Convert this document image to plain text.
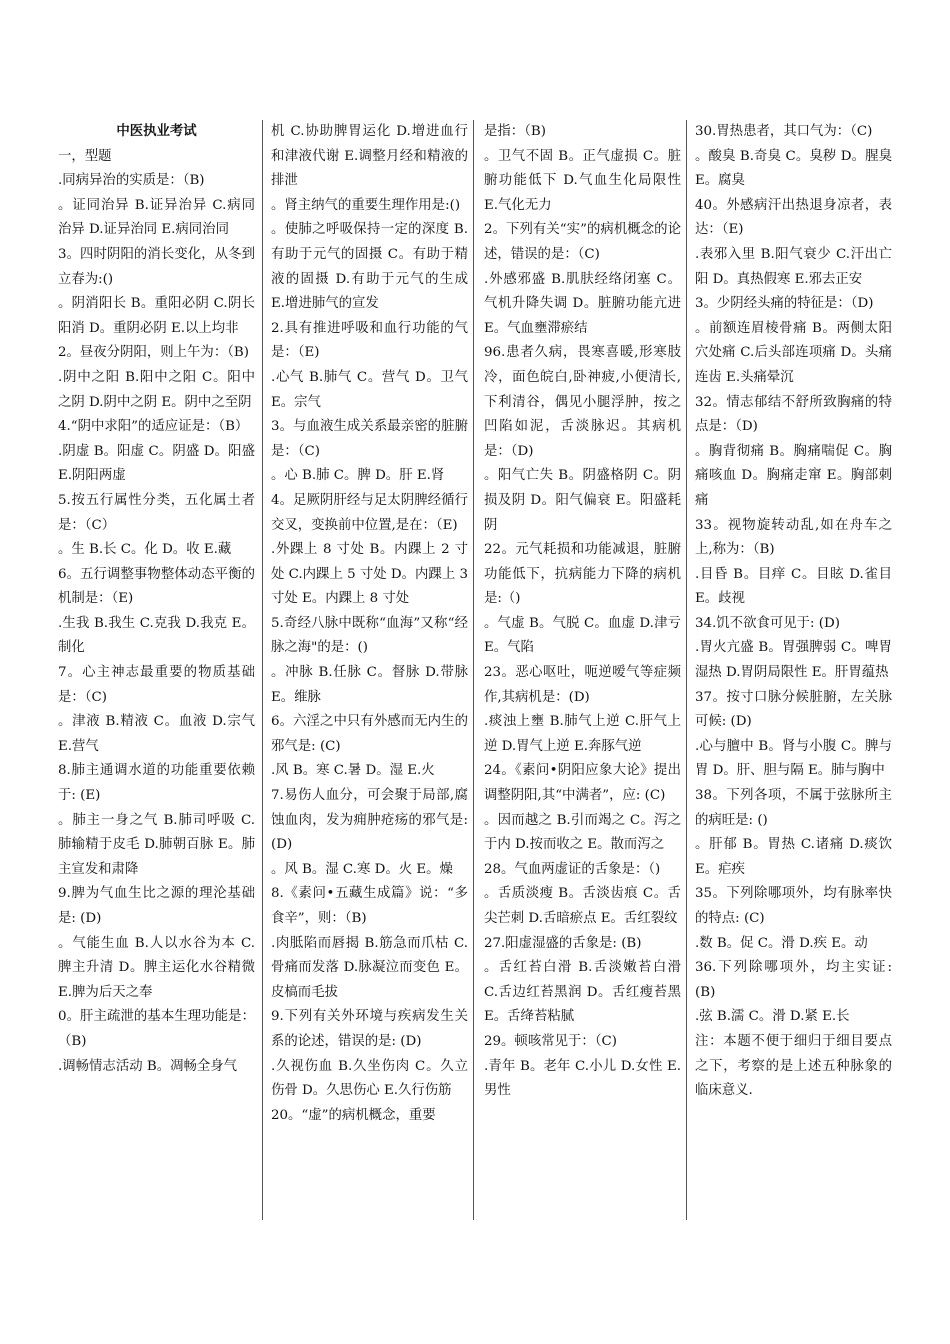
中医执业考试

一，型题

.同病异治的实质是：（B)

。证同治异 B.证异治异 C.病同治异 D.证异治同 E.病同治同

3。四时阴阳的消长变化，从冬到立春为:()

。阴消阳长 B。重阳必阴 C.阴长阳消 D。重阴必阴 E.以上均非

2。昼夜分阴阳，则上午为：（B)

.阴中之阳 B.阳中之阳 C。阳中之阴 D.阴中之阴 E。阴中之至阴

4.“阴中求阳”的适应证是：（B）

.阴虚 B。阳虚 C。阴盛 D。阳盛 E.阴阳两虚

5.按五行属性分类，五化属土者是：（C）

。生 B.长 C。化 D。收 E.藏

6。五行调整事物整体动态平衡的机制是：（E)

.生我 B.我生 C.克我 D.我克 E。制化

7。心主神志最重要的物质基础是：（C)

。津液 B.精液 C。血液 D.宗气 E.营气

8.肺主通调水道的功能重要依赖于: (E)

。肺主一身之气 B.肺司呼吸 C.肺输精于皮毛 D.肺朝百脉 E。肺主宣发和肃降

9.脾为气血生比之源的理沦基础是: (D)

。气能生血 B.人以水谷为本 C.脾主升清 D。脾主运化水谷精微 E.脾为后天之奉

0。肝主疏泄的基本生理功能是：（B)

.调畅情志活动 B。凋畅全身气

机 C.协助脾胃运化 D.增进血行和津液代谢 E.调整月经和精液的排泄

。肾主纳气的重要生理作用是:()

。使肺之呼吸保持一定的深度 B.有助于元气的固摄 C。有助于精液的固摄 D.有助于元气的生成 E.增进肺气的宣发

2.具有推进呼吸和血行功能的气是：（E)

.心气 B.肺气 C。营气 D。卫气 E。宗气

3。与血液生成关系最亲密的脏腑是：（C)

。心 B.肺 C。脾 D。肝 E.肾

4。足厥阴肝经与足太阴脾经循行交叉，变换前中位置,是在：（E)

.外踝上 8 寸处 B。内踝上 2 寸处 C.内踝上 5 寸处 D。内踝上 3 寸处 E。内踝上 8 寸处

5.奇经八脉中既称“血海”又称“经脉之海"的是：()

。冲脉 B.任脉 C。督脉 D.带脉 E。维脉

6。六淫之中只有外感而无内生的邪气是: (C)

.风 B。寒 C.暑 D。湿 E.火

7.易伤人血分，可会聚于局部,腐蚀血肉，发为痈肿疮疡的邪气是: (D)

。风 B。湿 C.寒 D。火 E。燥

8.《素问•五藏生成篇》说：“多食辛”，则：（B)

.肉胝陷而唇揭 B.筋急而爪枯 C.骨痛而发落 D.脉凝泣而变色 E。皮槁而毛拔

9.下列有关外环境与疾病发生关系的论述，错误的是: (D)

.久视伤血 B.久坐伤肉 C。久立伤骨 D。久思伤心 E.久行伤筋

20。“虚”的病机概念，重要

是指：（B)

。卫气不固 B。正气虚损 C。脏腑功能低下 D.气血生化局限性 E.气化无力

2。下列有关“实”的病机概念的论述，错误的是：（C)

.外感邪盛 B.肌肤经络闭塞 C。气机升降失调 D。脏腑功能亢进 E。气血壅滞瘀结

96.患者久病，畏寒喜暖,形寒肢冷，面色皖白,卧神疲,小便清长,下利清谷，偶见小腿浮肿，按之凹陷如泥，舌淡脉迟。其病机是：（D)

。阳气亡失 B。阴盛格阴 C。阴损及阴 D。阳气偏衰 E。阳盛耗阴

22。元气耗损和功能减退，脏腑功能低下，抗病能力下降的病机是:（)

。气虚 B。气脱 C。血虚 D.津亏 E。气陷

23。恶心呕吐，呃逆嗳气等症频作,其病机是：(D)

.痰浊上壅 B.肺气上逆 C.肝气上逆 D.胃气上逆 E.奔豚气逆

24。《素问•阴阳应象大论》提出调整阴阳,其“中满者”，应: (C)

。因而越之 B.引而竭之 C。泻之于内 D.按而收之 E。散而泻之

28。气血两虚证的舌象是：（)

。舌质淡瘦 B。舌淡齿痕 C。舌尖芒刺 D.舌暗瘀点 E。舌红裂纹

27.阳虚湿盛的舌象是: (B)

。舌红苔白滑 B.舌淡嫩苔白滑 C.舌边红苔黑润 D。舌红瘦苔黑 E。舌绛苔粘腻

29。顿咳常见于：（C)

.青年 B。老年 C.小儿 D.女性 E.男性

30.胃热患者，其口气为：（C)

。酸臭 B.奇臭 C。臭秽 D。腥臭 E。腐臭

40。外感病汗出热退身凉者，表达：（E)

.表邪入里 B.阳气衰少 C.汗出亡阳 D。真热假寒 E.邪去正安

3。少阴经头痛的特征是：（D)

。前额连眉棱骨痛 B。两侧太阳穴处痛 C.后头部连项痛 D。头痛连齿 E.头痛晕沉

32。情志郁结不舒所致胸痛的特点是：（D)

。胸背彻痛 B。胸痛喘促 C。胸痛咳血 D。胸痛走窜 E。胸部刺痛

33。视物旋转动乱,如在舟车之上,称为：（B)

.目昏 B。目痒 C。目眩 D.雀目 E。歧视

34.饥不欲食可见于: (D)

.胃火亢盛 B。胃强脾弱 C。啤胃湿热 D.胃阴局限性 E。肝胃蕴热

37。按寸口脉分候脏腑，左关脉可候: (D)

.心与膻中 B。肾与小腹 C。脾与胃 D。肝、胆与隔 E。肺与胸中

38。下列各项，不属于弦脉所主的病旺是: ()

。肝郁 B。胃热 C.诸痛 D.痰饮 E。疟疾

35。下列除哪项外，均有脉率快的特点: (C)

.数 B。促 C。滑 D.疾 E。动

36.下列除哪项外，均主实证: (B)

.弦 B.濡 C。滑 D.紧 E.长

注：本题不便于细归于细目要点之下，考察的是上述五种脉象的临床意义.
